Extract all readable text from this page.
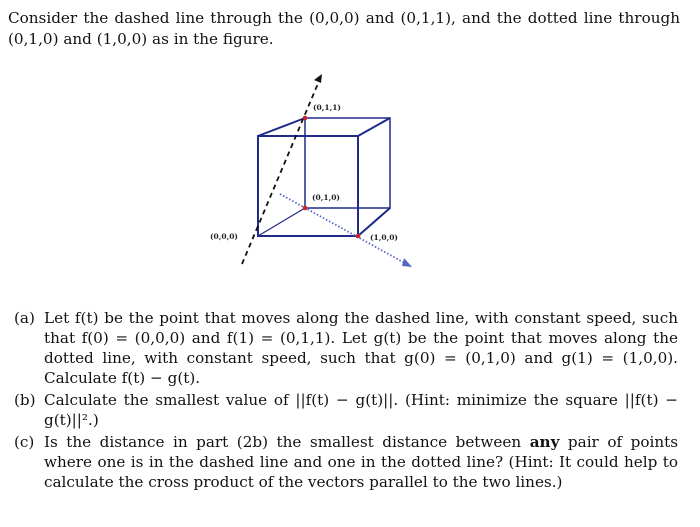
Consider the dashed line through the (0,0,0) and (0,1,1), and the dotted line through (0,1,0) and (1,0,0) as in the figure.
(0,1,1)
(0,1,0)
(0,0,0)	(1,0,0)
(a) Let f(t) be the point that moves along the dashed line, with constant speed, such that f(0) = (0,0,0) and f(1) = (0,1,1). Let g(t) be the point that moves along the dotted line, with constant speed, such that g(0) = (0,1,0) and g(1) = (1,0,0). Calculate f(t) − g(t).
(b) Calculate the smallest value of ||f(t) − g(t)||. (Hint: minimize the square ||f(t) − g(t)||².)
(c) Is the distance in part (2b) the smallest distance between any pair of points where one is in the dashed line and one in the dotted line? (Hint: It could help to calculate the cross product of the vectors parallel to the two lines.)
